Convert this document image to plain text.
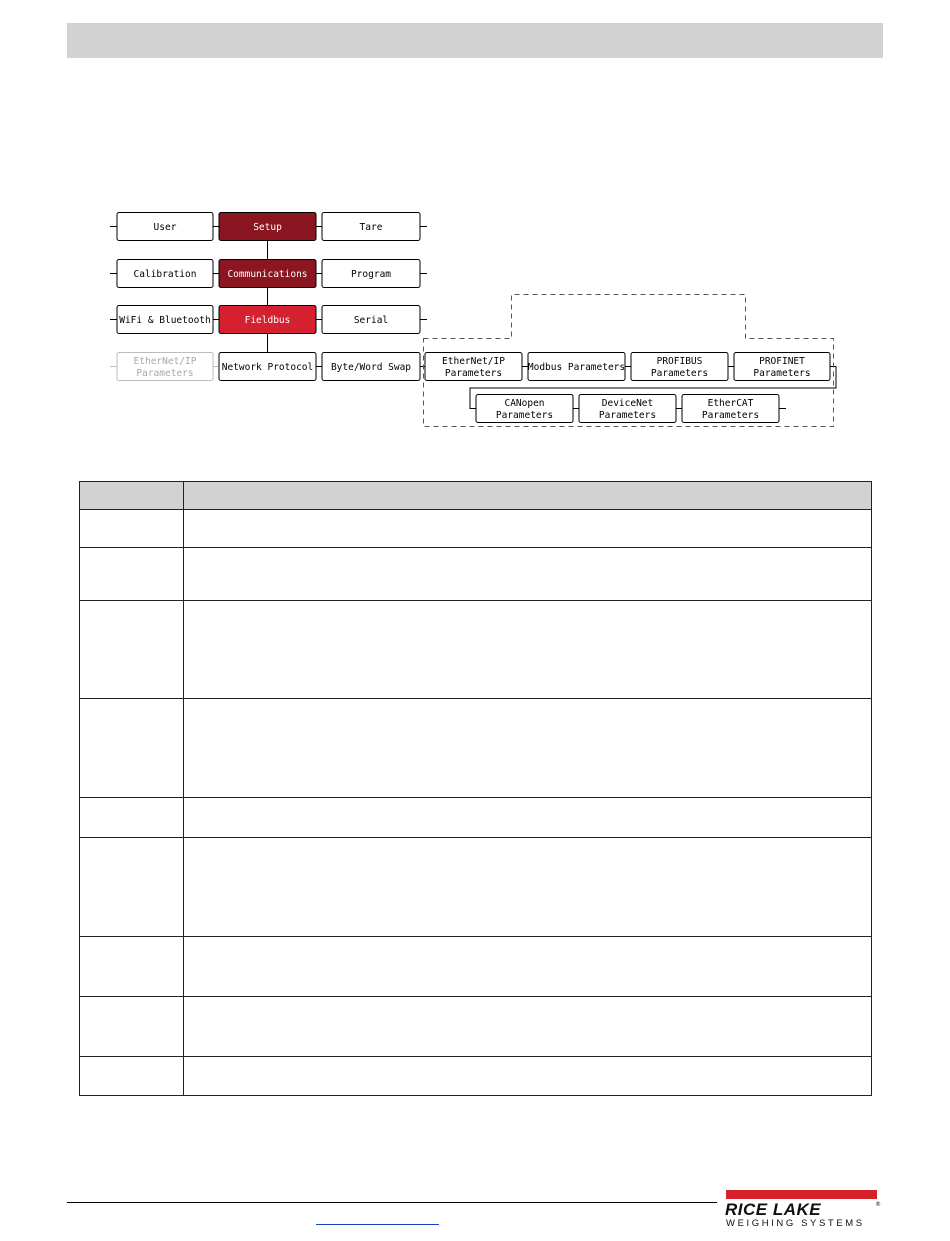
User	Setup	Tare
Calibration	Communications	Program
WiFi & Bluetooth	Fieldbus	Serial
EtherNet/IP
Parameters
Network Protocol Byte/Word Swap
EtherNet/IP
Parameters
Modbus Parameters
PROFIBUS
Parameters
PROFINET
Parameters
CANopen
Parameters
DeviceNet
Parameters
EtherCAT
Parameters

RICE LAKE	®
WEIGHING SYSTEMS
